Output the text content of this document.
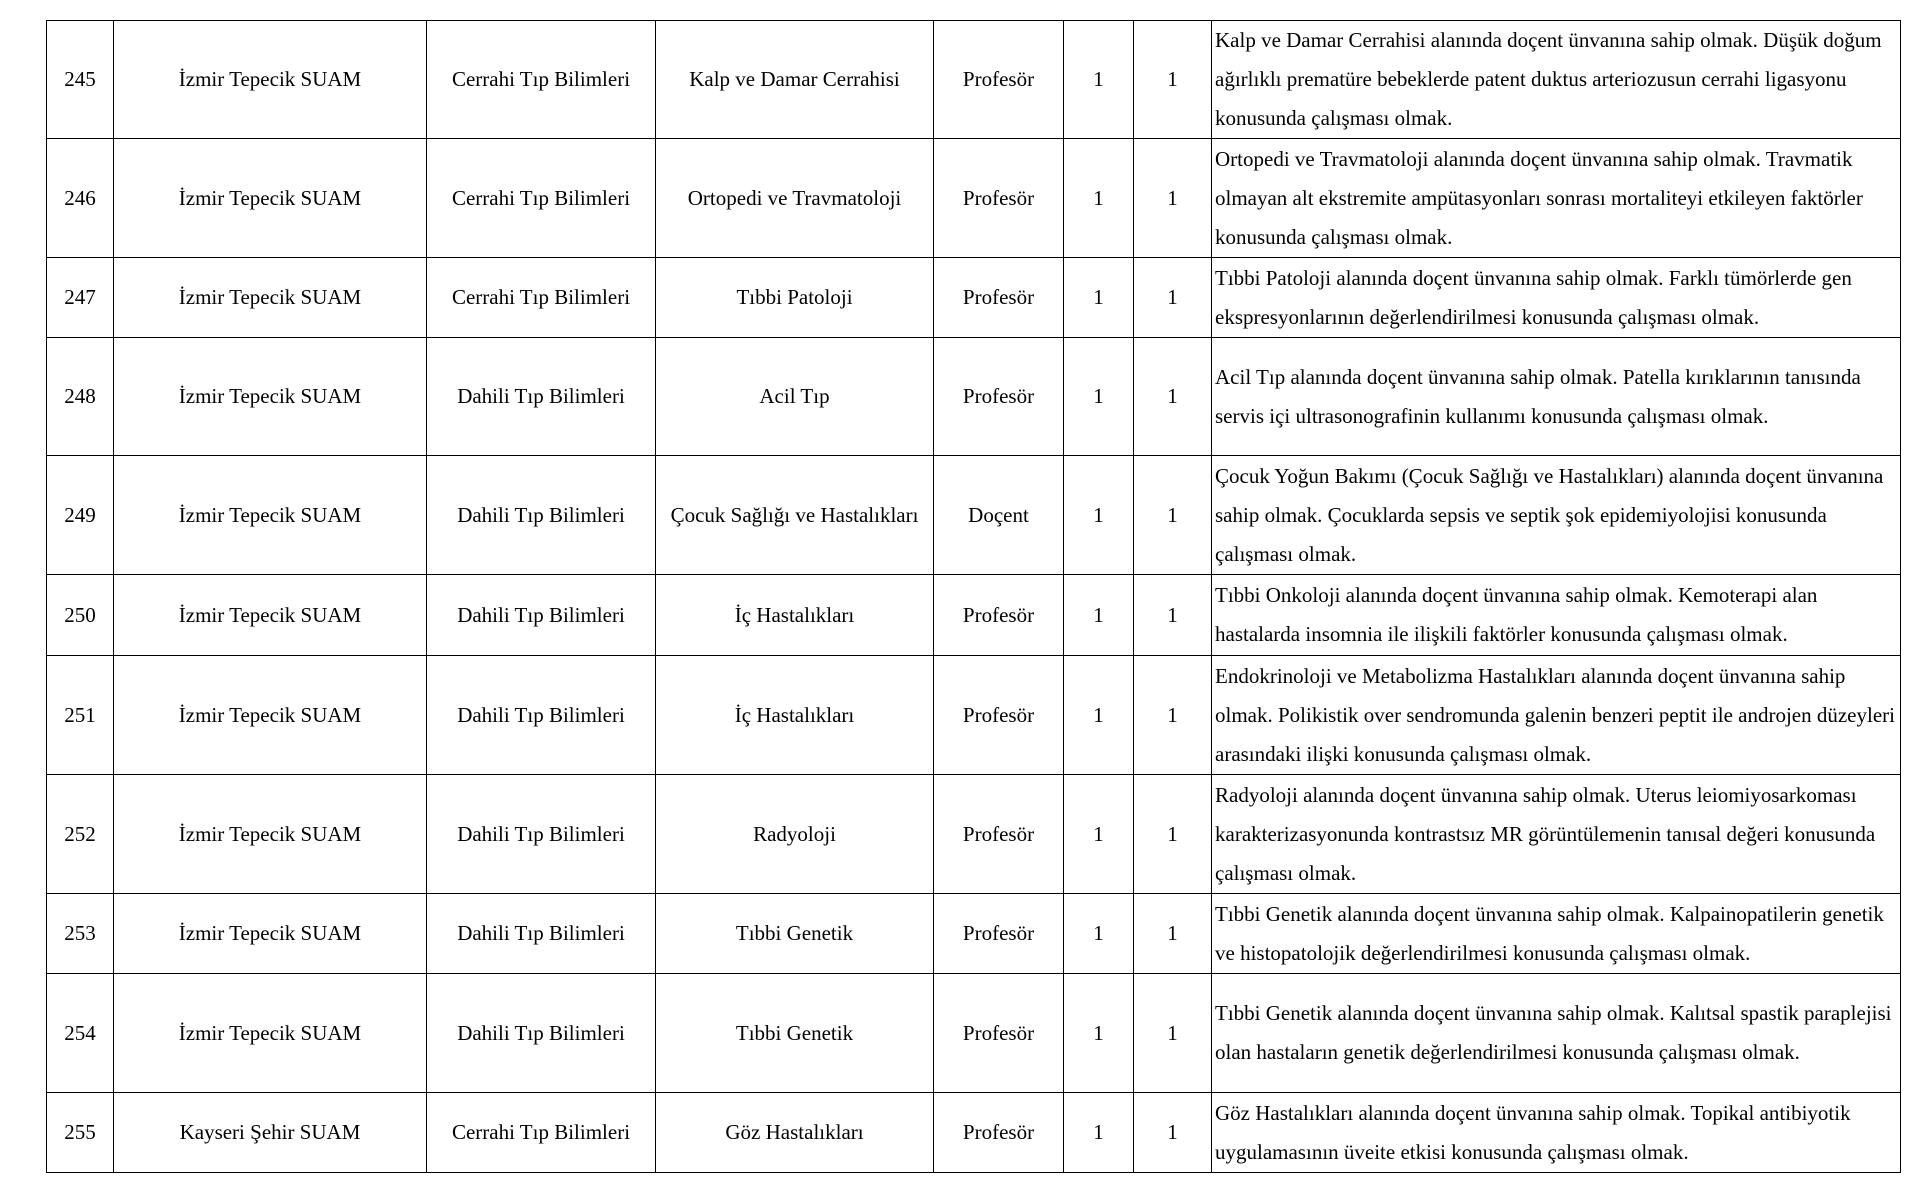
245	İzmir Tepecik SUAM	Cerrahi Tıp Bilimleri	Kalp ve Damar Cerrahisi	Profesör	1	1	Kalp ve Damar Cerrahisi alanında doçent ünvanına sahip olmak. Düşük doğum ağırlıklı prematüre bebeklerde patent duktus arteriozusun cerrahi ligasyonu konusunda çalışması olmak.
246	İzmir Tepecik SUAM	Cerrahi Tıp Bilimleri	Ortopedi ve Travmatoloji	Profesör	1	1	Ortopedi ve Travmatoloji alanında doçent ünvanına sahip olmak. Travmatik olmayan alt ekstremite ampütasyonları sonrası mortaliteyi etkileyen faktörler konusunda çalışması olmak.
247	İzmir Tepecik SUAM	Cerrahi Tıp Bilimleri	Tıbbi Patoloji	Profesör	1	1	Tıbbi Patoloji alanında doçent ünvanına sahip olmak. Farklı tümörlerde gen ekspresyonlarının değerlendirilmesi konusunda çalışması olmak.
248	İzmir Tepecik SUAM	Dahili Tıp Bilimleri	Acil Tıp	Profesör	1	1	Acil Tıp alanında doçent ünvanına sahip olmak. Patella kırıklarının tanısında servis içi ultrasonografinin kullanımı konusunda çalışması olmak.
249	İzmir Tepecik SUAM	Dahili Tıp Bilimleri	Çocuk Sağlığı ve Hastalıkları	Doçent	1	1	Çocuk Yoğun Bakımı (Çocuk Sağlığı ve Hastalıkları) alanında doçent ünvanına sahip olmak. Çocuklarda sepsis ve septik şok epidemiyolojisi konusunda çalışması olmak.
250	İzmir Tepecik SUAM	Dahili Tıp Bilimleri	İç Hastalıkları	Profesör	1	1	Tıbbi Onkoloji alanında doçent ünvanına sahip olmak. Kemoterapi alan hastalarda insomnia ile ilişkili faktörler konusunda çalışması olmak.
251	İzmir Tepecik SUAM	Dahili Tıp Bilimleri	İç Hastalıkları	Profesör	1	1	Endokrinoloji ve Metabolizma Hastalıkları alanında doçent ünvanına sahip olmak. Polikistik over sendromunda galenin benzeri peptit ile androjen düzeyleri arasındaki ilişki konusunda çalışması olmak.
252	İzmir Tepecik SUAM	Dahili Tıp Bilimleri	Radyoloji	Profesör	1	1	Radyoloji alanında doçent ünvanına sahip olmak. Uterus leiomiyosarkoması karakterizasyonunda kontrastsız MR görüntülemenin tanısal değeri konusunda çalışması olmak.
253	İzmir Tepecik SUAM	Dahili Tıp Bilimleri	Tıbbi Genetik	Profesör	1	1	Tıbbi Genetik alanında doçent ünvanına sahip olmak. Kalpainopatilerin genetik ve histopatolojik değerlendirilmesi konusunda çalışması olmak.
254	İzmir Tepecik SUAM	Dahili Tıp Bilimleri	Tıbbi Genetik	Profesör	1	1	Tıbbi Genetik alanında doçent ünvanına sahip olmak. Kalıtsal spastik paraplejisi olan hastaların genetik değerlendirilmesi konusunda çalışması olmak.
255	Kayseri Şehir SUAM	Cerrahi Tıp Bilimleri	Göz Hastalıkları	Profesör	1	1	Göz Hastalıkları alanında doçent ünvanına sahip olmak. Topikal antibiyotik uygulamasının üveite etkisi konusunda çalışması olmak.
